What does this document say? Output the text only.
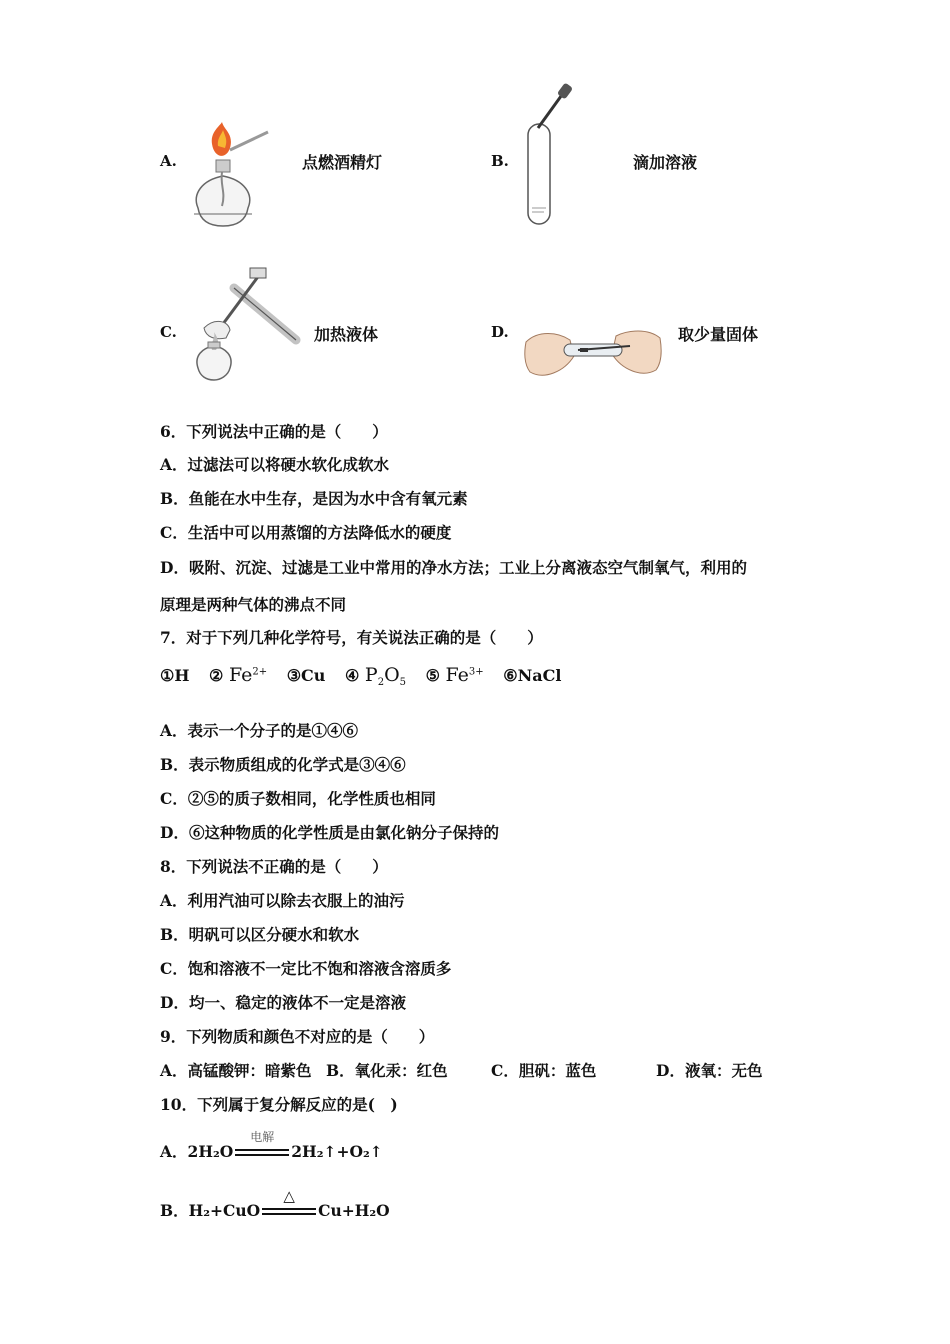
A.	点燃酒精灯	B.	滴加溶液
C.	加热液体	D.	取少量固体
6．下列说法中正确的是（　　）
A．过滤法可以将硬水软化成软水
B．鱼能在水中生存，是因为水中含有氧元素
C．生活中可以用蒸馏的方法降低水的硬度
D．吸附、沉淀、过滤是工业中常用的净水方法；工业上分离液态空气制氧气，利用的
原理是两种气体的沸点不同
7．对于下列几种化学符号，有关说法正确的是（　　）
①H ② $Fe^{2+}$ ③Cu ④ $P_2O_5$ ⑤ $Fe^{3+}$ ⑥NaCl
A．表示一个分子的是①④⑥
B．表示物质组成的化学式是③④⑥
C．②⑤的质子数相同，化学性质也相同
D．⑥这种物质的化学性质是由氯化钠分子保持的
8．下列说法不正确的是（　　）
A．利用汽油可以除去衣服上的油污
B．明矾可以区分硬水和软水
C．饱和溶液不一定比不饱和溶液含溶质多
D．均一、稳定的液体不一定是溶液
9．下列物质和颜色不对应的是（　　）
A．高锰酸钾：暗紫色 B．氧化汞：红色	C．胆矾：蓝色	D．液氧：无色
10．下列属于复分解反应的是(　)
A．2H₂O
电解
2H₂↑+O₂↑
B．H₂+CuO
△
Cu+H₂O
